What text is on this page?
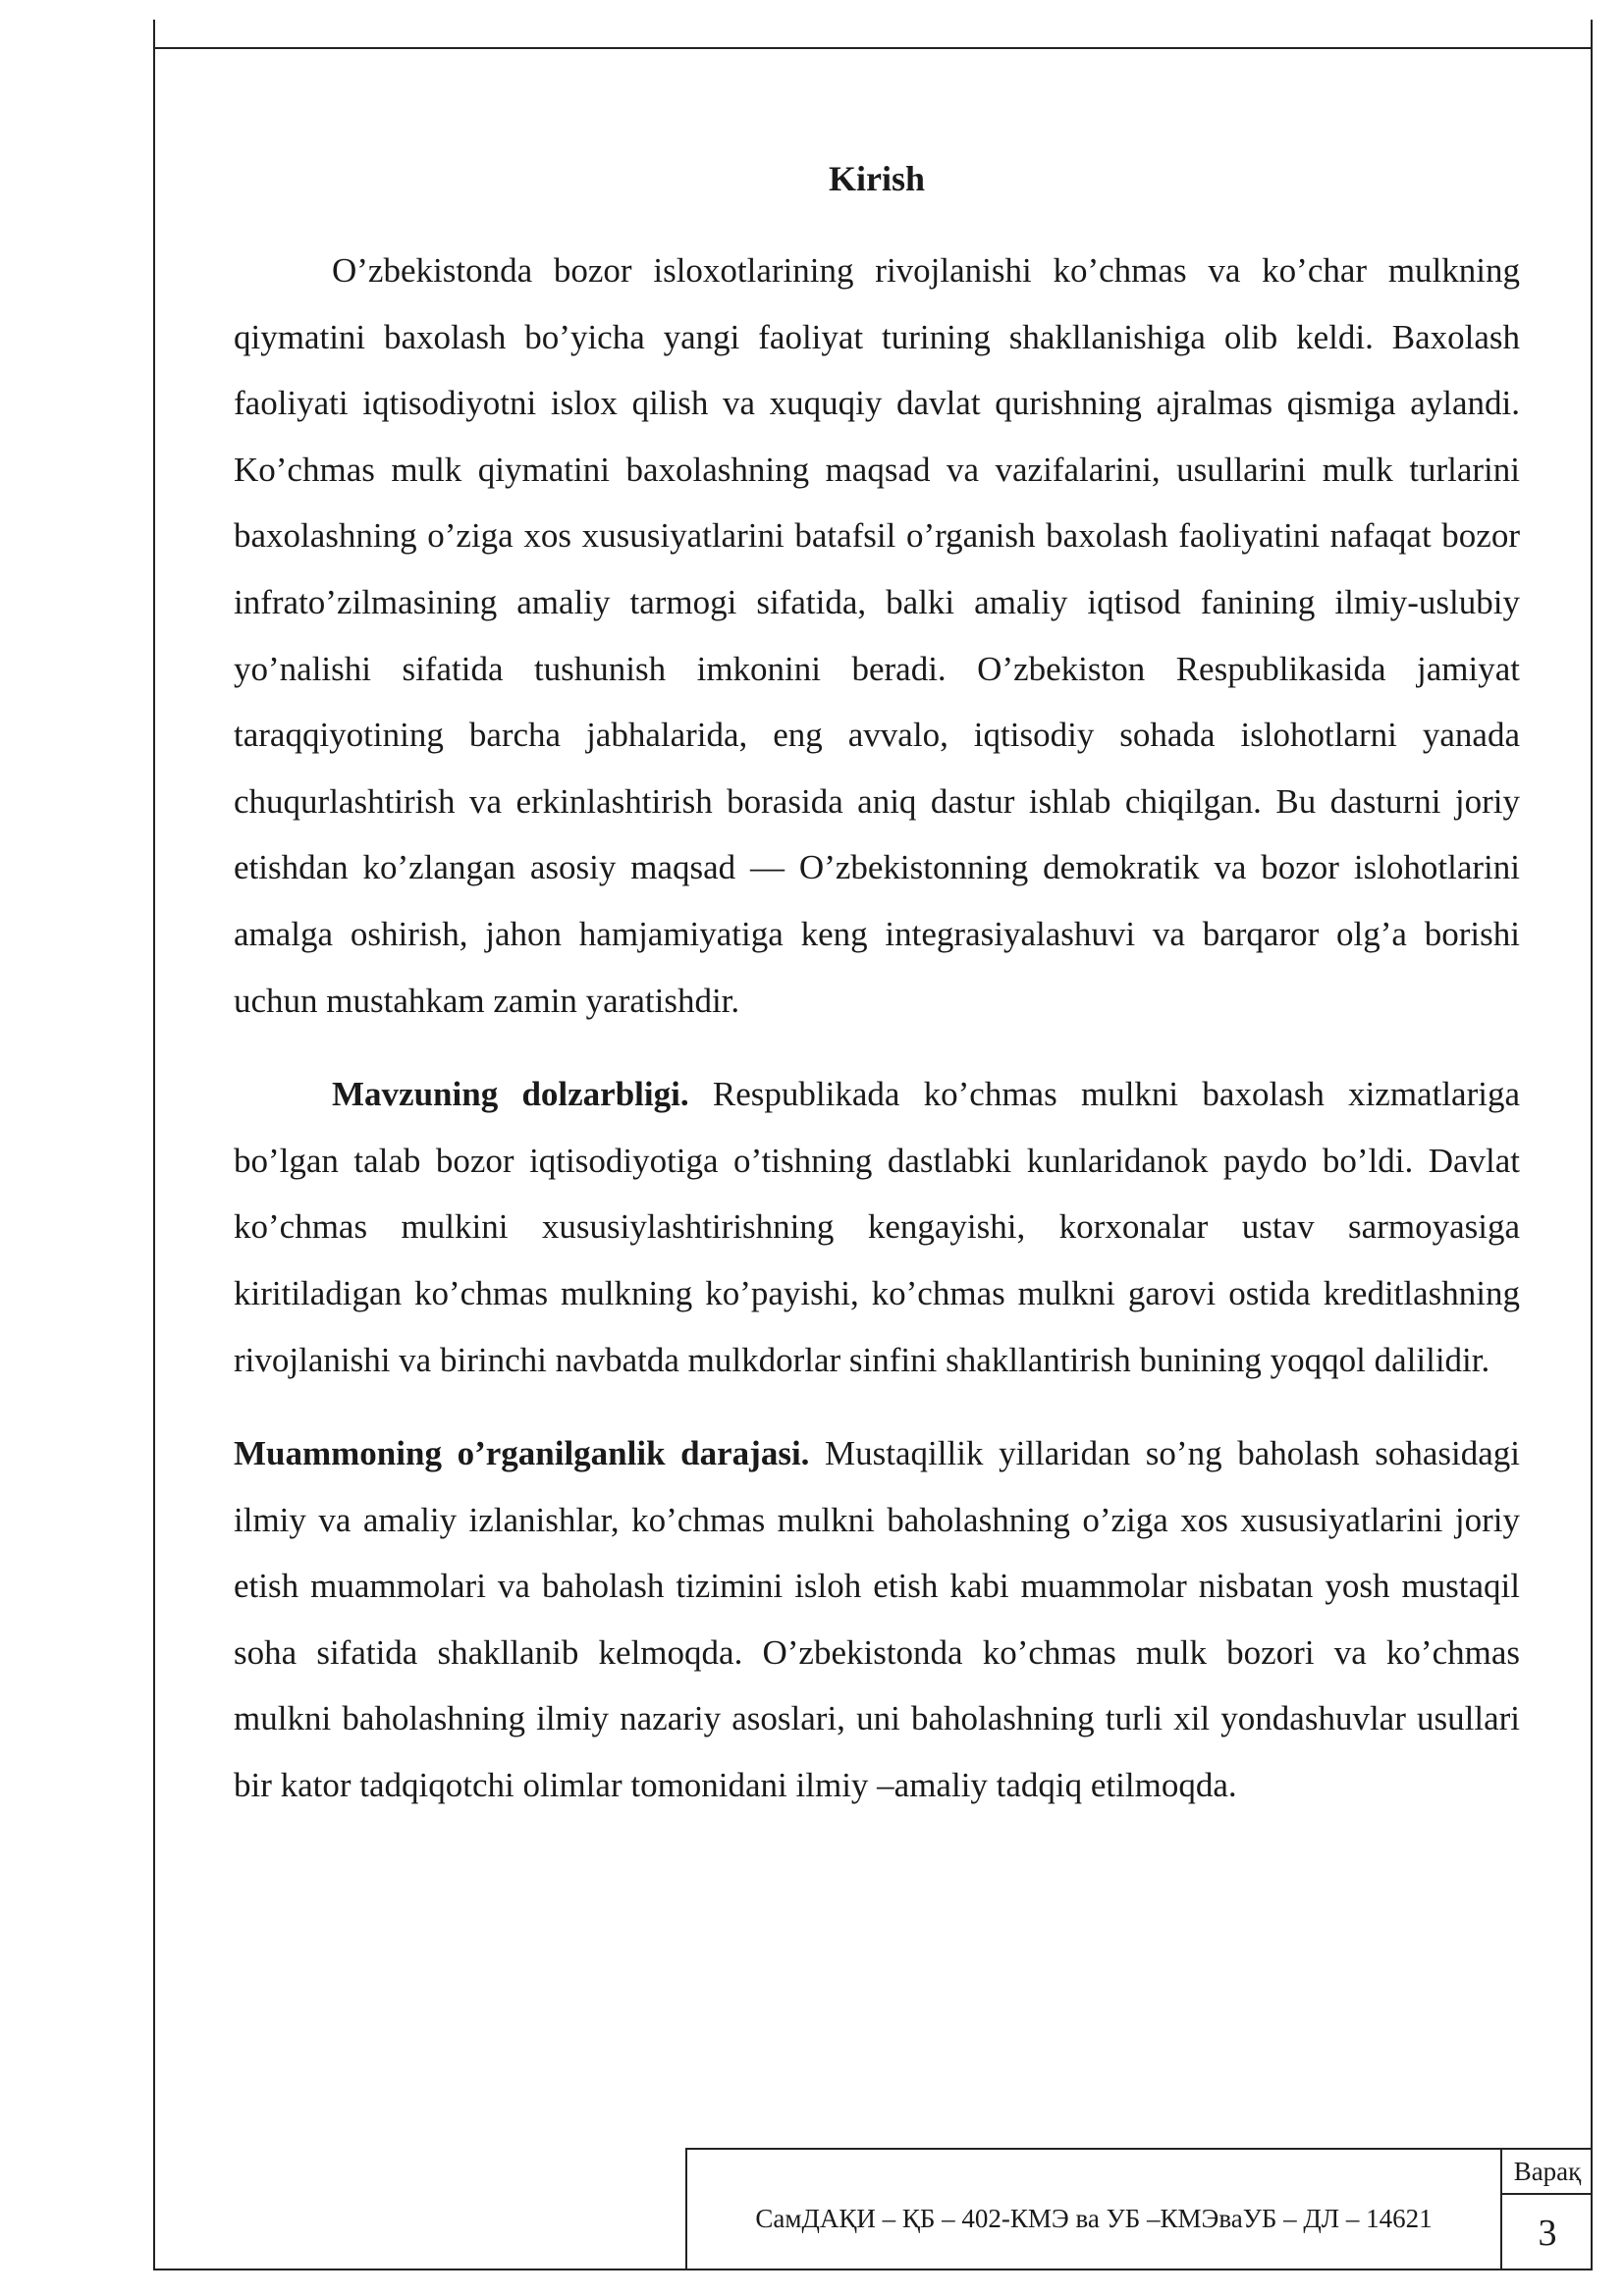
Kirish

O’zbekistonda bozor isloxotlarining rivojlanishi ko’chmas va ko’char mulkning qiymatini baxolash bo’yicha yangi faoliyat turining shakllanishiga olib keldi. Baxolash faoliyati iqtisodiyotni islox qilish va xuquqiy davlat qurishning ajralmas qismiga aylandi. Ko’chmas mulk qiymatini baxolashning maqsad va vazifalarini, usullarini mulk turlarini baxolashning o’ziga xos xususiyatlarini batafsil o’rganish baxolash faoliyatini nafaqat bozor infrato’zilmasining amaliy tarmogi sifatida, balki amaliy iqtisod fanining ilmiy-uslubiy yo’nalishi sifatida tushunish imkonini beradi. O’zbekiston Respublikasida jamiyat taraqqiyotining barcha jabhalarida, eng avvalo, iqtisodiy sohada islohotlarni yanada chuqurlashtirish va erkinlashtirish borasida aniq dastur ishlab chiqilgan. Bu dasturni joriy etishdan ko’zlangan asosiy maqsad — O’zbekistonning demokratik va bozor islohotlarini amalga oshirish, jahon hamjamiyatiga keng integrasiyalashuvi va barqaror olg’a borishi uchun mustahkam zamin yaratishdir.

Mavzuning dolzarbligi. Respublikada ko’chmas mulkni baxolash xizmatlariga bo’lgan talab bozor iqtisodiyotiga o’tishning dastlabki kunlaridanok paydo bo’ldi. Davlat ko’chmas mulkini xususiylashtirishning kengayishi, korxonalar ustav sarmoyasiga kiritiladigan ko’chmas mulkning ko’payishi, ko’chmas mulkni garovi ostida kreditlashning rivojlanishi va birinchi navbatda mulkdorlar sinfini shakllantirish bunining yoqqol dalilidir.

Muammoning o’rganilganlik darajasi. Mustaqillik yillaridan so’ng baholash sohasidagi ilmiy va amaliy izlanishlar, ko’chmas mulkni baholashning o’ziga xos xususiyatlarini joriy etish muammolari va baholash tizimini isloh etish kabi muammolar nisbatan yosh mustaqil soha sifatida shakllanib kelmoqda. O’zbekistonda ko’chmas mulk bozori va ko’chmas mulkni baholashning ilmiy nazariy asoslari, uni baholashning turli xil yondashuvlar usullari bir kator tadqiqotchi olimlar tomonidani ilmiy –amaliy tadqiq etilmoqda.

СамДАҚИ – ҚБ – 402-КМЭ ва УБ –КМЭваУБ – ДЛ – 14621
Варақ
3
